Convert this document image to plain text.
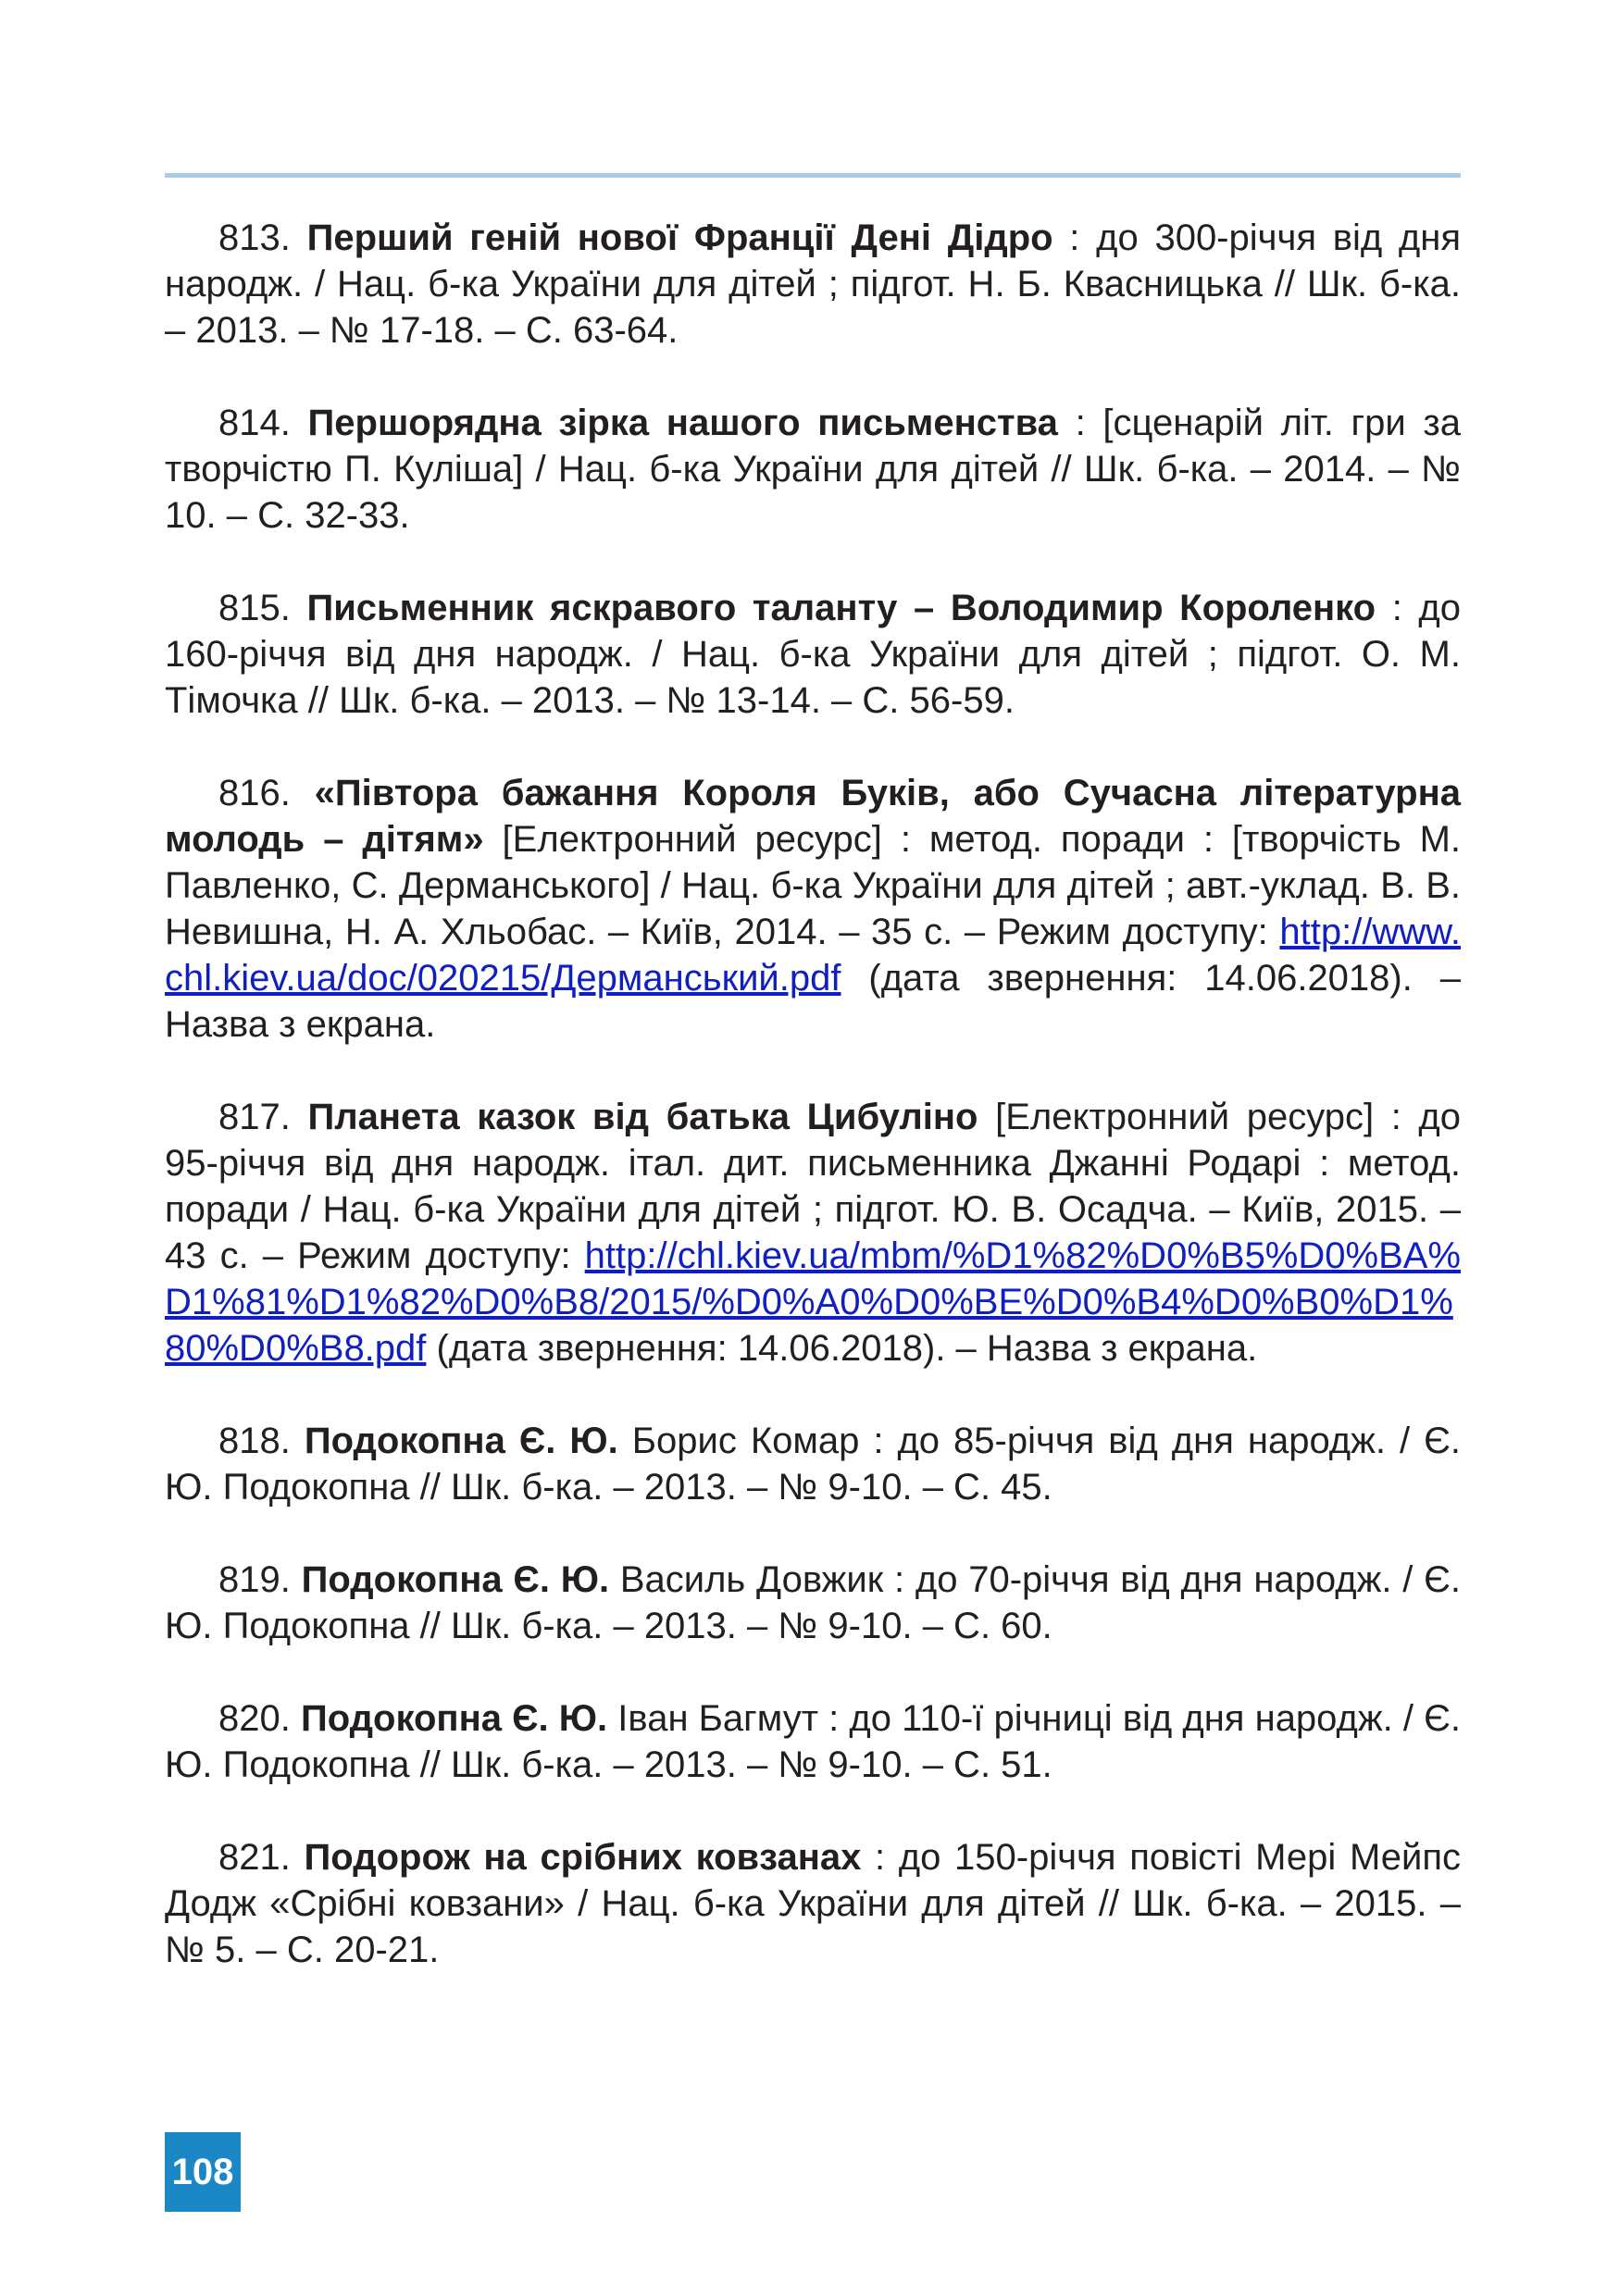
813. Перший геній нової Франції Дені Дідро : до 300-річчя від дня народж. / Нац. б-ка України для дітей ; підгот. Н. Б. Квасницька // Шк. б-ка. – 2013. – № 17-18. – С. 63-64.

814. Першорядна зірка нашого письменства : [сценарій літ. гри за творчістю П. Куліша] / Нац. б-ка України для дітей // Шк. б-ка. – 2014. – № 10. – С. 32-33.

815. Письменник яскравого таланту – Володимир Короленко : до 160-річчя від дня народж. / Нац. б-ка України для дітей ; підгот. О. М. Тімочка // Шк. б-ка. – 2013. – № 13-14. – С. 56-59.

816. «Півтора бажання Короля Буків, або Сучасна літературна молодь – дітям» [Електронний ресурс] : метод. поради : [творчість М. Павленко, С. Дерманського] / Нац. б-ка України для дітей ; авт.-уклад. В. В. Невишна, Н. А. Хльобас. – Київ, 2014. – 35 с. – Режим доступу: http://www.chl.kiev.ua/doc/020215/Дерманський.pdf (дата звернення: 14.06.2018). – Назва з екрана.

817. Планета казок від батька Цибуліно [Електронний ресурс] : до 95-річчя від дня народж. італ. дит. письменника Джанні Родарі : метод. поради / Нац. б-ка України для дітей ; підгот. Ю. В. Осадча. – Київ, 2015. – 43 с. – Режим доступу: http://chl.kiev.ua/mbm/%D1%82%D0%B5%D0%BA%D1%81%D1%82%D0%B8/2015/%D0%A0%D0%BE%D0%B4%D0%B0%D1%80%D0%B8.pdf (дата звернення: 14.06.2018). – Назва з екрана.

818. Подокопна Є. Ю. Борис Комар : до 85-річчя від дня народж. / Є. Ю. Подокопна // Шк. б-ка. – 2013. – № 9-10. – С. 45.

819. Подокопна Є. Ю. Василь Довжик : до 70-річчя від дня народж. / Є. Ю. Подокопна // Шк. б-ка. – 2013. – № 9-10. – С. 60.

820. Подокопна Є. Ю. Іван Багмут : до 110-ї річниці від дня народж. / Є. Ю. Подокопна // Шк. б-ка. – 2013. – № 9-10. – С. 51.

821. Подорож на срібних ковзанах : до 150-річчя повісті Мері Мейпс Додж «Срібні ковзани» / Нац. б-ка України для дітей // Шк. б-ка. – 2015. – № 5. – С. 20-21.

108
